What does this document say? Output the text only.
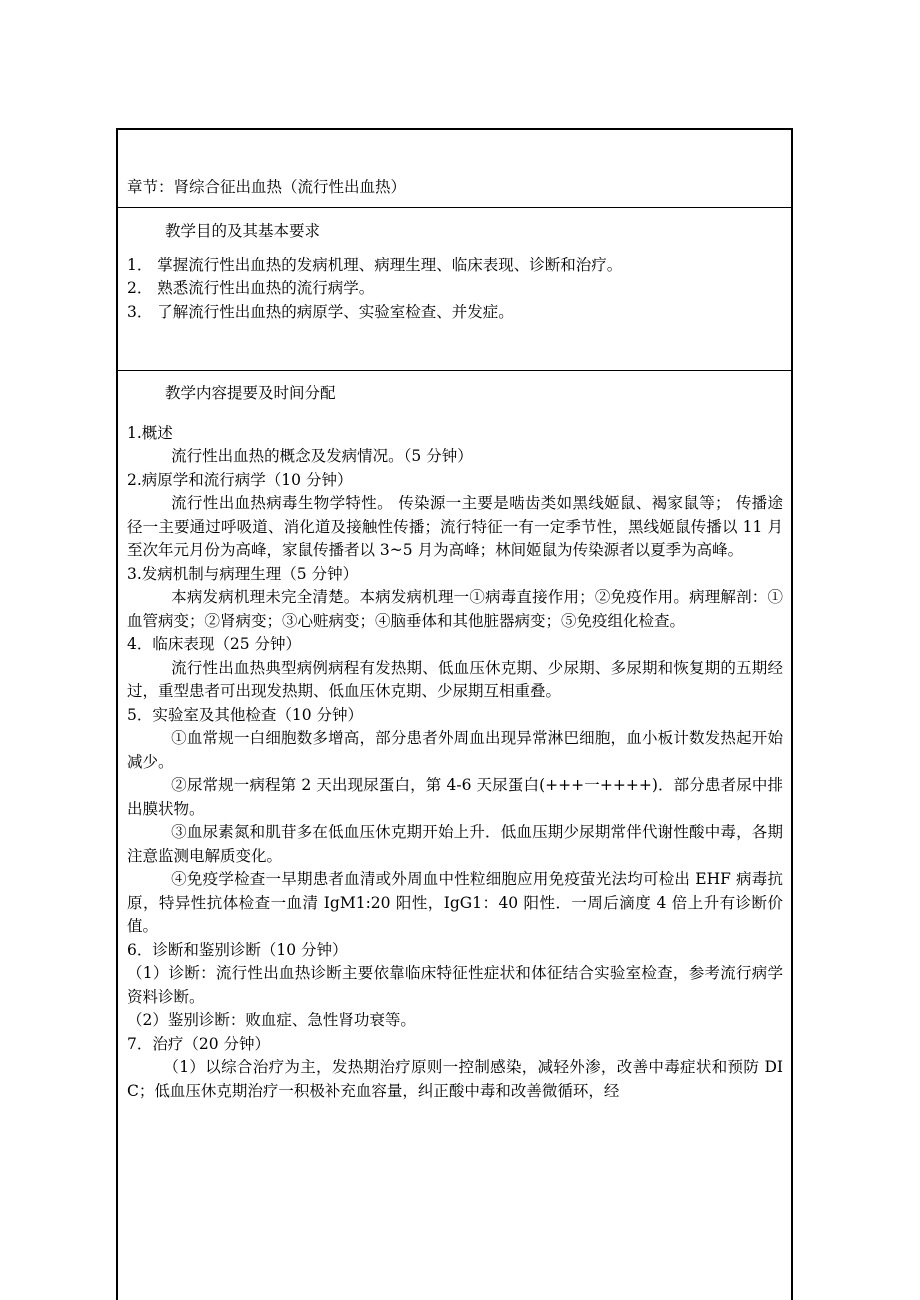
章节：肾综合征出血热（流行性出血热）
教学目的及其基本要求
1． 掌握流行性出血热的发病机理、病理生理、临床表现、诊断和治疗。
2． 熟悉流行性出血热的流行病学。
3． 了解流行性出血热的病原学、实验室检查、并发症。
教学内容提要及时间分配
1.概述
流行性出血热的概念及发病情况。（5 分钟）
2.病原学和流行病学（10 分钟）
流行性出血热病毒生物学特性。 传染源一主要是啮齿类如黑线姬鼠、褐家鼠等； 传播途径一主要通过呼吸道、消化道及接触性传播；流行特征一有一定季节性，黑线姬鼠传播以 11 月至次年元月份为高峰，家鼠传播者以 3~5 月为高峰；林间姬鼠为传染源者以夏季为高峰。
3.发病机制与病理生理（5 分钟）
本病发病机理未完全清楚。本病发病机理一①病毒直接作用；②免疫作用。病理解剖：①血管病变；②肾病变；③心赃病变；④脑垂体和其他脏器病变；⑤免疫组化检查。
4．临床表现（25 分钟）
流行性出血热典型病例病程有发热期、低血压休克期、少尿期、多尿期和恢复期的五期经过，重型患者可出现发热期、低血压休克期、少尿期互相重叠。
5．实验室及其他检查（10 分钟）
①血常规一白细胞数多增高，部分患者外周血出现异常淋巴细胞，血小板计数发热起开始减少。
②尿常规一病程第 2 天出现尿蛋白，第 4-6 天尿蛋白(+++一++++)．部分患者尿中排出膜状物。
③血尿素氮和肌苷多在低血压休克期开始上升．低血压期少尿期常伴代谢性酸中毒，各期注意监测电解质变化。
④免疫学检查一早期患者血清或外周血中性粒细胞应用免疫萤光法均可检出 EHF 病毒抗原，特异性抗体检查一血清 IgM1:20 阳性，IgG1：40 阳性．一周后滴度 4 倍上升有诊断价值。
6．诊断和鉴别诊断（10 分钟）
（1）诊断：流行性出血热诊断主要依靠临床特征性症状和体征结合实验室检查，参考流行病学资料诊断。
（2）鉴别诊断：败血症、急性肾功衰等。
7．治疗（20 分钟）
（1）以综合治疗为主，发热期治疗原则一控制感染，减轻外渗，改善中毒症状和预防 DIC；低血压休克期治疗一积极补充血容量，纠正酸中毒和改善微循环，经
